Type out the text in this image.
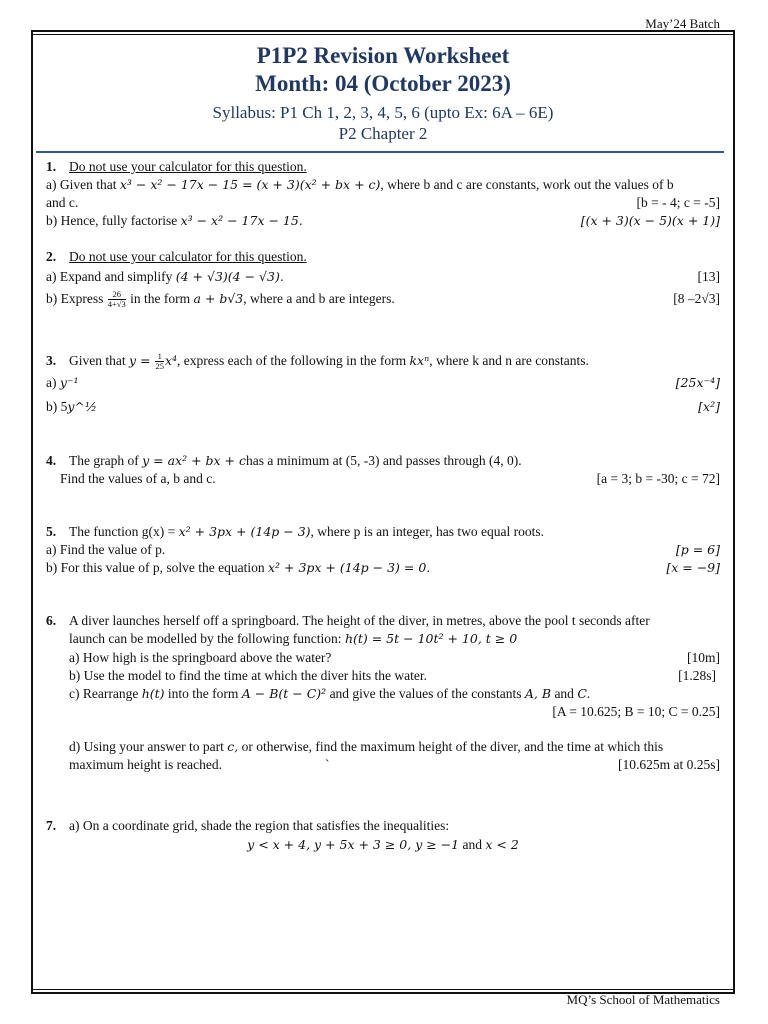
May’24 Batch
MQ’s School of Mathematics
P1P2 Revision Worksheet
Month: 04 (October 2023)
Syllabus: P1 Ch 1, 2, 3, 4, 5, 6 (upto Ex: 6A – 6E)
P2 Chapter 2
1. Do not use your calculator for this question.
a) Given that x³ − x² − 17x − 15 = (x + 3)(x² + bx + c), where b and c are constants, work out the values of b
and c.	[b = - 4; c = -5]
b) Hence, fully factorise x³ − x² − 17x − 15.	[(x + 3)(x − 5)(x + 1)]
2. Do not use your calculator for this question.
a) Expand and simplify (4 + √3)(4 − √3).	[13]
b) Express $\frac{26}{4+√3}$ in the form a + b√3, where a and b are integers.	[8 –2√3]
3. Given that $y = \frac{1}{25} x^4$, express each of the following in the form kxⁿ, where k and n are constants.
a) y⁻¹	[25x⁻⁴]
b) 5y^½	[x²]
4. The graph of y = ax² + bx + chas a minimum at (5, -3) and passes through (4, 0).
Find the values of a, b and c.	[a = 3; b = -30; c = 72]
5. The function g(x) = x² + 3px + (14p − 3), where p is an integer, has two equal roots.
a) Find the value of p.	[p = 6]
b) For this value of p, solve the equation x² + 3px + (14p − 3) = 0.	[x = −9]
6. A diver launches herself off a springboard. The height of the diver, in metres, above the pool t seconds after
launch can be modelled by the following function: h(t) = 5t − 10t² + 10, t ≥ 0
a) How high is the springboard above the water?	[10m]
b) Use the model to find the time at which the diver hits the water.	[1.28s]
c) Rearrange h(t) into the form A − B(t − C)² and give the values of the constants A, B and C.
[A = 10.625; B = 10; C = 0.25]
d) Using your answer to part c, or otherwise, find the maximum height of the diver, and the time at which this
maximum height is reached.	`	[10.625m at 0.25s]
7. a) On a coordinate grid, shade the region that satisfies the inequalities:
y < x + 4, y + 5x + 3 ≥ 0, y ≥ −1 and x < 2
